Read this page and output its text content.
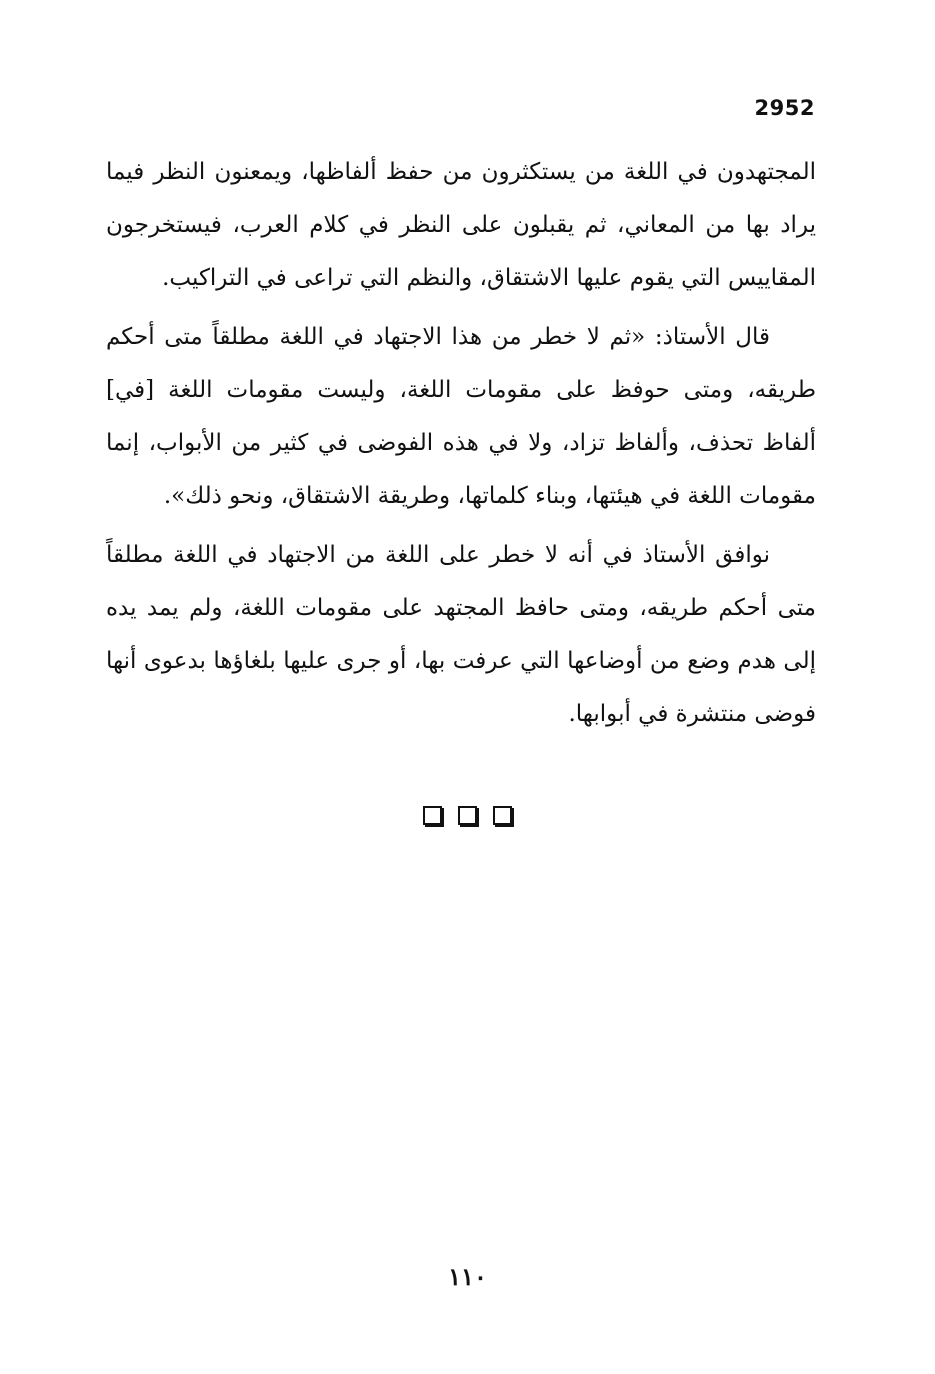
2952

المجتهدون في اللغة من يستكثرون من حفظ ألفاظها، ويمعنون النظر فيما يراد بها من المعاني، ثم يقبلون على النظر في كلام العرب، فيستخرجون المقاييس التي يقوم عليها الاشتقاق، والنظم التي تراعى في التراكيب.

قال الأستاذ: «ثم لا خطر من هذا الاجتهاد في اللغة مطلقاً متى أحكم طريقه، ومتى حوفظ على مقومات اللغة، وليست مقومات اللغة [في] ألفاظ تحذف، وألفاظ تزاد، ولا في هذه الفوضى في كثير من الأبواب، إنما مقومات اللغة في هيئتها، وبناء كلماتها، وطريقة الاشتقاق، ونحو ذلك».

نوافق الأستاذ في أنه لا خطر على اللغة من الاجتهاد في اللغة مطلقاً متى أحكم طريقه، ومتى حافظ المجتهد على مقومات اللغة، ولم يمد يده إلى هدم وضع من أوضاعها التي عرفت بها، أو جرى عليها بلغاؤها بدعوى أنها فوضى منتشرة في أبوابها.

١١٠
